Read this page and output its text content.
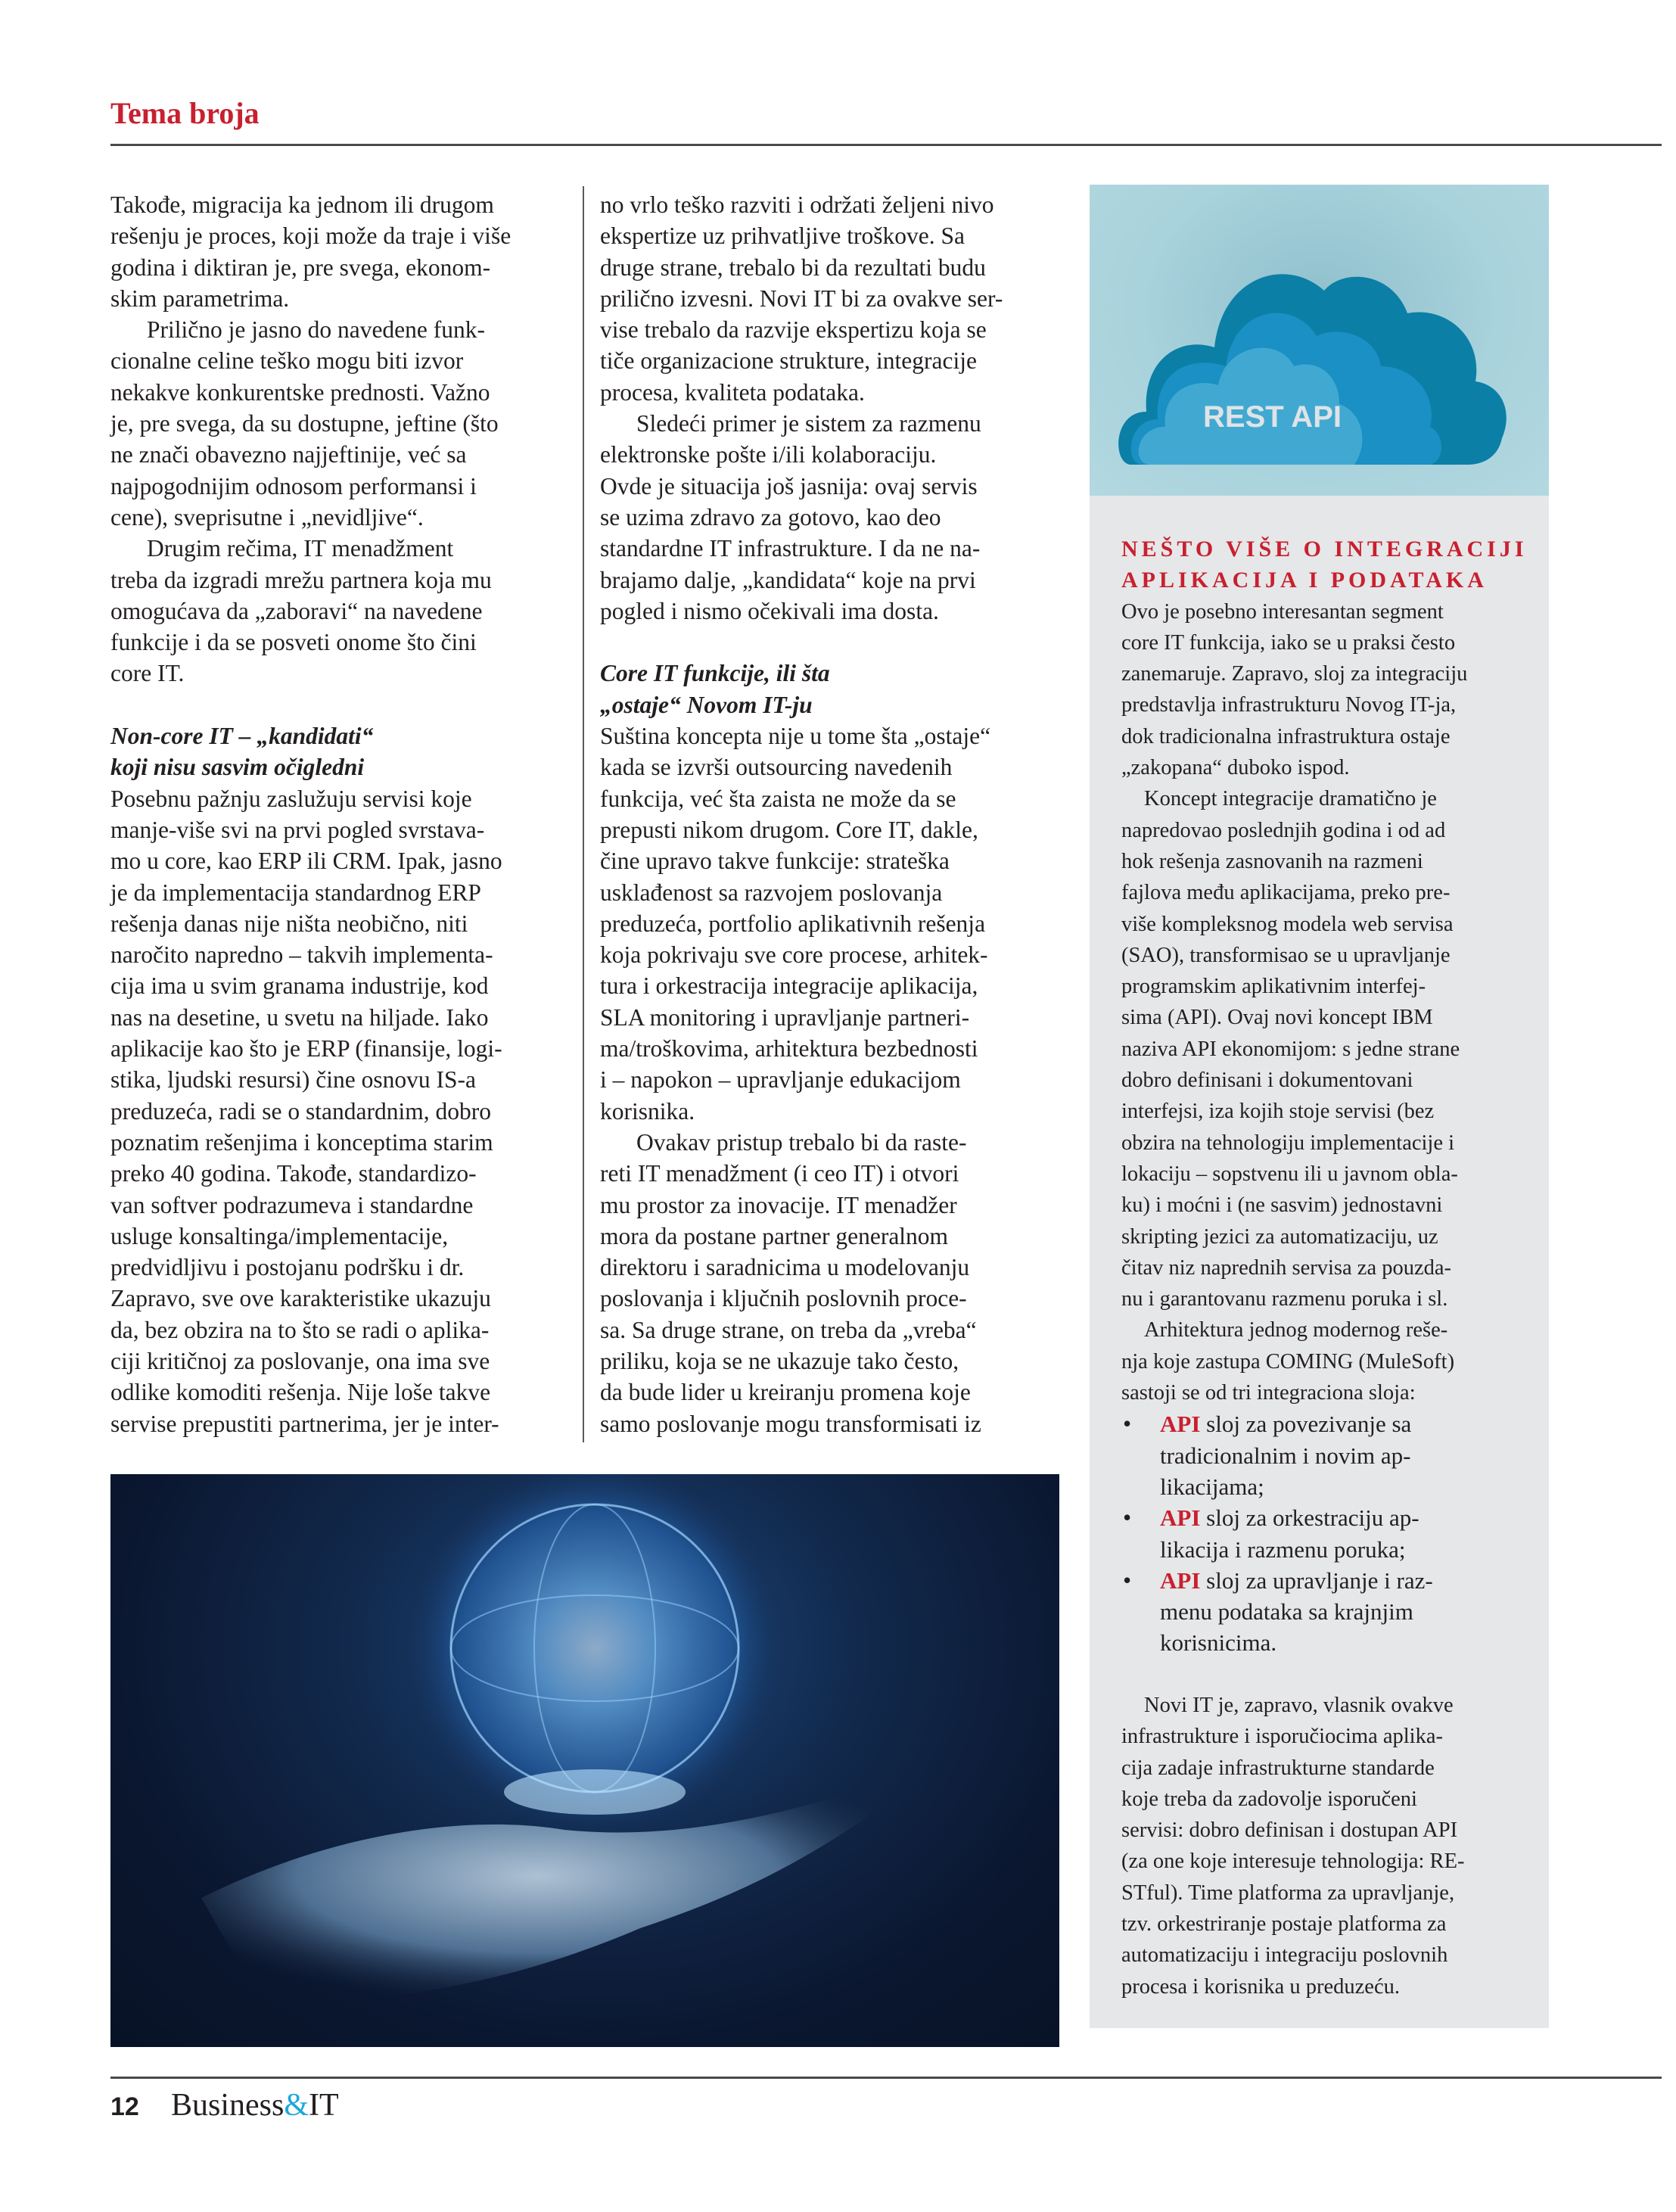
Tema broja
Takođe, migracija ka jednom ili drugom
rešenju je proces, koji može da traje i više
godina i diktiran je, pre svega, ekonom-
skim parametrima.
Prilično je jasno do navedene funk-
cionalne celine teško mogu biti izvor
nekakve konkurentske prednosti. Važno
je, pre svega, da su dostupne, jeftine (što
ne znači obavezno najjeftinije, već sa
najpogodnijim odnosom performansi i
cene), sveprisutne i „nevidljive“.
Drugim rečima, IT menadžment
treba da izgradi mrežu partnera koja mu
omogućava da „zaboravi“ na navedene
funkcije i da se posveti onome što čini
core IT.
Non-core IT – „kandidati“
koji nisu sasvim očigledni
Posebnu pažnju zaslužuju servisi koje
manje-više svi na prvi pogled svrstava-
mo u core, kao ERP ili CRM. Ipak, jasno
je da implementacija standardnog ERP
rešenja danas nije ništa neobično, niti
naročito napredno – takvih implementa-
cija ima u svim granama industrije, kod
nas na desetine, u svetu na hiljade. Iako
aplikacije kao što je ERP (finansije, logi-
stika, ljudski resursi) čine osnovu IS-a
preduzeća, radi se o standardnim, dobro
poznatim rešenjima i konceptima starim
preko 40 godina. Takođe, standardizo-
van softver podrazumeva i standardne
usluge konsaltinga/implementacije,
predvidljivu i postojanu podršku i dr.
Zapravo, sve ove karakteristike ukazuju
da, bez obzira na to što se radi o aplika-
ciji kritičnoj za poslovanje, ona ima sve
odlike komoditi rešenja. Nije loše takve
servise prepustiti partnerima, jer je inter-
no vrlo teško razviti i održati željeni nivo
ekspertize uz prihvatljive troškove. Sa
druge strane, trebalo bi da rezultati budu
prilično izvesni. Novi IT bi za ovakve ser-
vise trebalo da razvije ekspertizu koja se
tiče organizacione strukture, integracije
procesa, kvaliteta podataka.
Sledeći primer je sistem za razmenu
elektronske pošte i/ili kolaboraciju.
Ovde je situacija još jasnija: ovaj servis
se uzima zdravo za gotovo, kao deo
standardne IT infrastrukture. I da ne na-
brajamo dalje, „kandidata“ koje na prvi
pogled i nismo očekivali ima dosta.
Core IT funkcije, ili šta
„ostaje“ Novom IT-ju
Suština koncepta nije u tome šta „ostaje“
kada se izvrši outsourcing navedenih
funkcija, već šta zaista ne može da se
prepusti nikom drugom. Core IT, dakle,
čine upravo takve funkcije: strateška
usklađenost sa razvojem poslovanja
preduzeća, portfolio aplikativnih rešenja
koja pokrivaju sve core procese, arhitek-
tura i orkestracija integracije aplikacija,
SLA monitoring i upravljanje partneri-
ma/troškovima, arhitektura bezbednosti
i – napokon – upravljanje edukacijom
korisnika.
Ovakav pristup trebalo bi da raste-
reti IT menadžment (i ceo IT) i otvori
mu prostor za inovacije. IT menadžer
mora da postane partner generalnom
direktoru i saradnicima u modelovanju
poslovanja i ključnih poslovnih proce-
sa. Sa druge strane, on treba da „vreba“
priliku, koja se ne ukazuje tako često,
da bude lider u kreiranju promena koje
samo poslovanje mogu transformisati iz
REST API
NEŠTO VIŠE O INTEGRACIJI
APLIKACIJA I PODATAKA
Ovo je posebno interesantan segment
core IT funkcija, iako se u praksi često
zanemaruje. Zapravo, sloj za integraciju
predstavlja infrastrukturu Novog IT-ja,
dok tradicionalna infrastruktura ostaje
„zakopana“ duboko ispod.
Koncept integracije dramatično je
napredovao poslednjih godina i od ad
hok rešenja zasnovanih na razmeni
fajlova među aplikacijama, preko pre-
više kompleksnog modela web servisa
(SAO), transformisao se u upravljanje
programskim aplikativnim interfej-
sima (API). Ovaj novi koncept IBM
naziva API ekonomijom: s jedne strane
dobro definisani i dokumentovani
interfejsi, iza kojih stoje servisi (bez
obzira na tehnologiju implementacije i
lokaciju – sopstvenu ili u javnom obla-
ku) i moćni i (ne sasvim) jednostavni
skripting jezici za automatizaciju, uz
čitav niz naprednih servisa za pouzda-
nu i garantovanu razmenu poruka i sl.
Arhitektura jednog modernog reše-
nja koje zastupa COMING (MuleSoft)
sastoji se od tri integraciona sloja:
•	API sloj za povezivanje sa
tradicionalnim i novim ap-
likacijama;
•	API sloj za orkestraciju ap-
likacija i razmenu poruka;
•	API sloj za upravljanje i raz-
menu podataka sa krajnjim
korisnicima.
Novi IT je, zapravo, vlasnik ovakve
infrastrukture i isporučiocima aplika-
cija zadaje infrastrukturne standarde
koje treba da zadovolje isporučeni
servisi: dobro definisan i dostupan API
(za one koje interesuje tehnologija: RE-
STful). Time platforma za upravljanje,
tzv. orkestriranje postaje platforma za
automatizaciju i integraciju poslovnih
procesa i korisnika u preduzeću.
12 Business&IT
